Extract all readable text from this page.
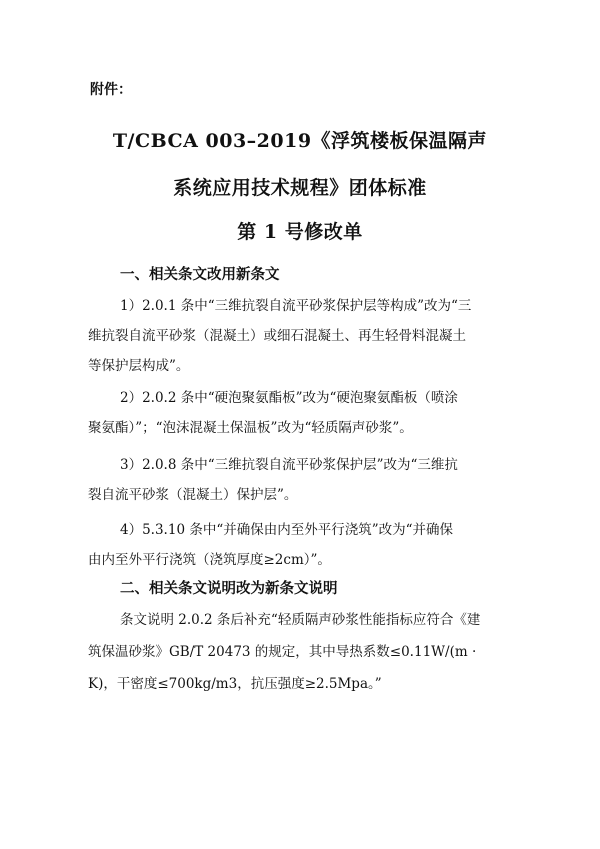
附件：
T/CBCA 003–2019《浮筑楼板保温隔声
系统应用技术规程》团体标准
第 1 号修改单
一、相关条文改用新条文
1）2.0.1 条中“三维抗裂自流平砂浆保护层等构成”改为“三
维抗裂自流平砂浆（混凝土）或细石混凝土、再生轻骨料混凝土
等保护层构成”。
2）2.0.2 条中“硬泡聚氨酯板”改为“硬泡聚氨酯板（喷涂
聚氨酯）”；“泡沫混凝土保温板”改为“轻质隔声砂浆”。
3）2.0.8 条中“三维抗裂自流平砂浆保护层”改为“三维抗
裂自流平砂浆（混凝土）保护层”。
4）5.3.10 条中“并确保由内至外平行浇筑”改为“并确保
由内至外平行浇筑（浇筑厚度≥2cm）”。
二、相关条文说明改为新条文说明
条文说明 2.0.2 条后补充“轻质隔声砂浆性能指标应符合《建
筑保温砂浆》GB/T 20473 的规定，其中导热系数≤0.11W/(m ·
K)，干密度≤700kg/m3，抗压强度≥2.5Mpa。”
